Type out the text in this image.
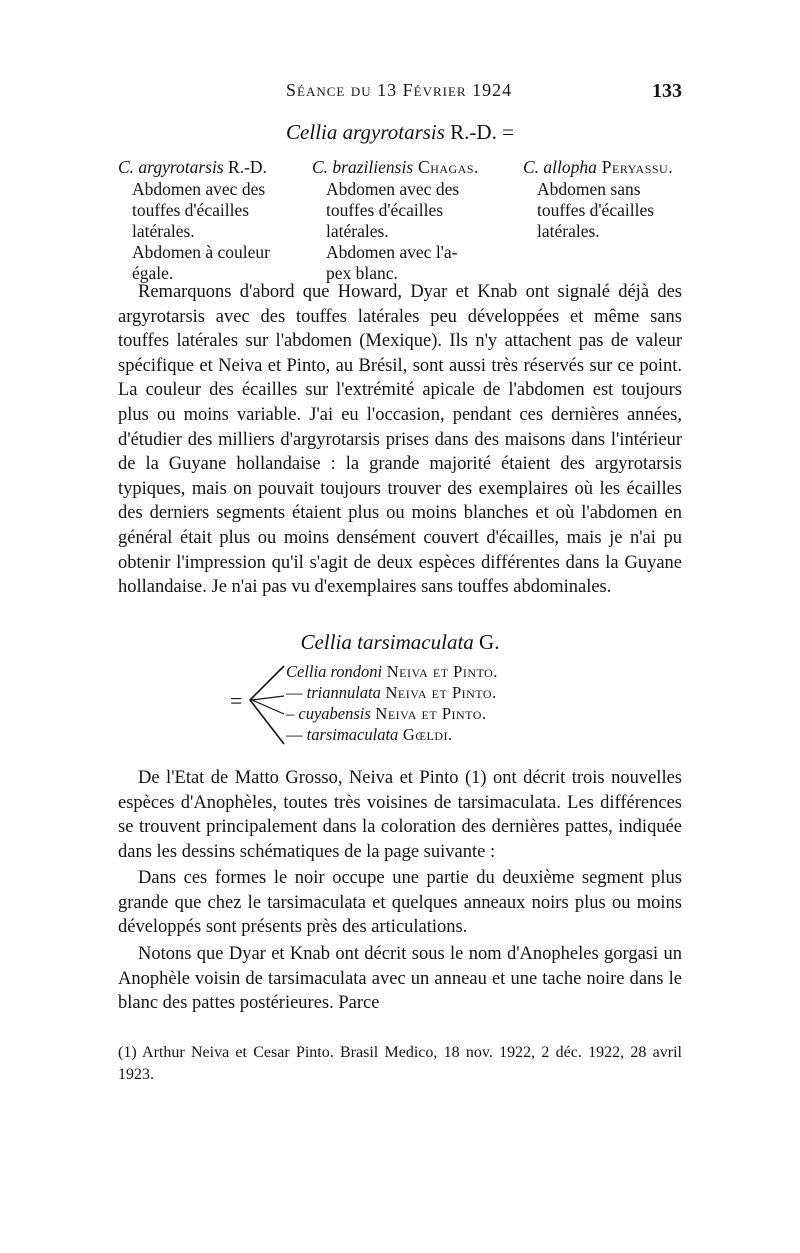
Séance du 13 Février 1924	133
Cellia argyrotarsis R.-D. =
C. argyrotarsis R.-D.
Abdomen avec des
touffes d'écailles
latérales.
Abdomen à couleur
égale.
C. braziliensis Chagas.
Abdomen avec des
touffes d'écailles
latérales.
Abdomen avec l'a-
pex blanc.
C. allopha Peryassu.
Abdomen sans
touffes d'écailles
latérales.

Remarquons d'abord que Howard, Dyar et Knab ont signalé déjà des argyrotarsis avec des touffes latérales peu développées et même sans touffes latérales sur l'abdomen (Mexique). Ils n'y attachent pas de valeur spécifique et Neiva et Pinto, au Brésil, sont aussi très réservés sur ce point. La couleur des écailles sur l'extrémité apicale de l'abdomen est toujours plus ou moins variable. J'ai eu l'occasion, pendant ces dernières années, d'étudier des milliers d'argyrotarsis prises dans des maisons dans l'intérieur de la Guyane hollandaise : la grande majorité étaient des argyrotarsis typiques, mais on pouvait toujours trouver des exemplaires où les écailles des derniers segments étaient plus ou moins blanches et où l'abdomen en général était plus ou moins densément couvert d'écailles, mais je n'ai pu obtenir l'impression qu'il s'agit de deux espèces différentes dans la Guyane hollandaise. Je n'ai pas vu d'exemplaires sans touffes abdominales.

Cellia tarsimaculata G.
=
Cellia rondoni Neiva et Pinto.
— triannulata Neiva et Pinto.
– cuyabensis Neiva et Pinto.
— tarsimaculata Gœldi.

De l'Etat de Matto Grosso, Neiva et Pinto (1) ont décrit trois nouvelles espèces d'Anophèles, toutes très voisines de tarsimaculata. Les différences se trouvent principalement dans la coloration des dernières pattes, indiquée dans les dessins schématiques de la page suivante :

Dans ces formes le noir occupe une partie du deuxième segment plus grande que chez le tarsimaculata et quelques anneaux noirs plus ou moins développés sont présents près des articulations.

Notons que Dyar et Knab ont décrit sous le nom d'Anopheles gorgasi un Anophèle voisin de tarsimaculata avec un anneau et une tache noire dans le blanc des pattes postérieures. Parce

(1) Arthur Neiva et Cesar Pinto. Brasil Medico, 18 nov. 1922, 2 déc. 1922, 28 avril 1923.
